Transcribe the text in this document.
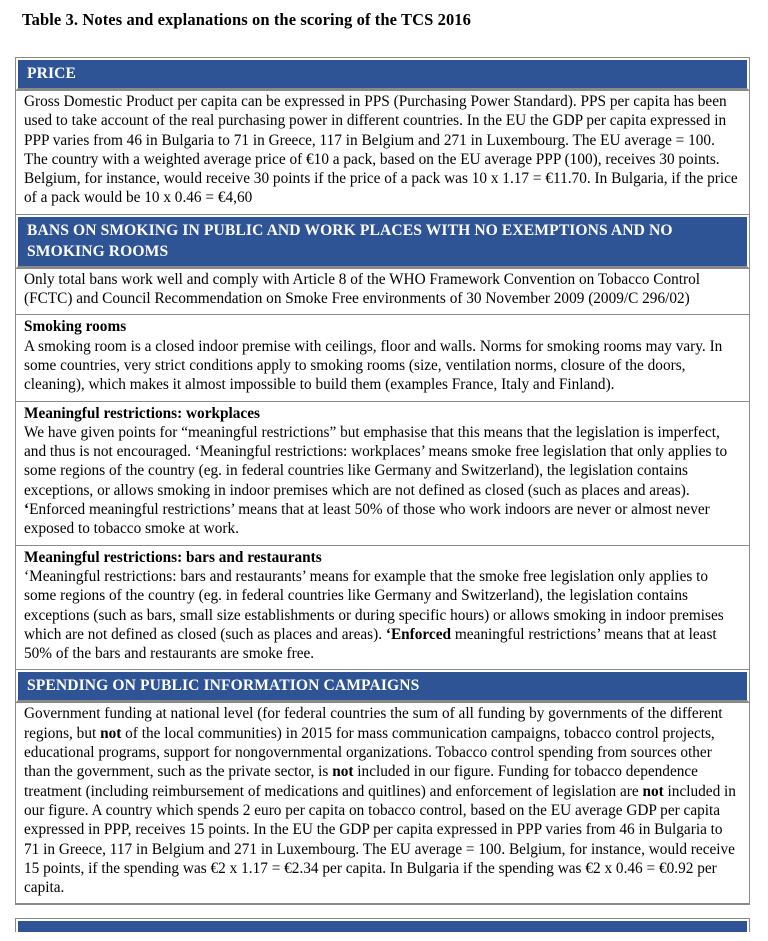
Table 3. Notes and explanations on the scoring of the TCS 2016
PRICE

Gross Domestic Product per capita can be expressed in PPS (Purchasing Power Standard). PPS per capita has been used to take account of the real purchasing power in different countries. In the EU the GDP per capita expressed in PPP varies from 46 in Bulgaria to 71 in Greece, 117 in Belgium and 271 in Luxembourg. The EU average = 100. The country with a weighted average price of €10 a pack, based on the EU average PPP (100), receives 30 points. Belgium, for instance, would receive 30 points if the price of a pack was 10 x 1.17 = €11.70. In Bulgaria, if the price of a pack would be 10 x 0.46 = €4,60

BANS ON SMOKING IN PUBLIC AND WORK PLACES WITH NO EXEMPTIONS AND NO SMOKING ROOMS

Only total bans work well and comply with Article 8 of the WHO Framework Convention on Tobacco Control (FCTC) and Council Recommendation on Smoke Free environments of 30 November 2009 (2009/C 296/02)

Smoking rooms

A smoking room is a closed indoor premise with ceilings, floor and walls. Norms for smoking rooms may vary. In some countries, very strict conditions apply to smoking rooms (size, ventilation norms, closure of the doors, cleaning), which makes it almost impossible to build them (examples France, Italy and Finland).

Meaningful restrictions: workplaces

We have given points for “meaningful restrictions” but emphasise that this means that the legislation is imperfect, and thus is not encouraged. ‘Meaningful restrictions: workplaces’ means smoke free legislation that only applies to some regions of the country (eg. in federal countries like Germany and Switzerland), the legislation contains exceptions, or allows smoking in indoor premises which are not defined as closed (such as places and areas). ‘Enforced meaningful restrictions’ means that at least 50% of those who work indoors are never or almost never exposed to tobacco smoke at work.

Meaningful restrictions: bars and restaurants

‘Meaningful restrictions: bars and restaurants’ means for example that the smoke free legislation only applies to some regions of the country (eg. in federal countries like Germany and Switzerland), the legislation contains exceptions (such as bars, small size establishments or during specific hours) or allows smoking in indoor premises which are not defined as closed (such as places and areas). ‘Enforced meaningful restrictions’ means that at least 50% of the bars and restaurants are smoke free.

SPENDING ON PUBLIC INFORMATION CAMPAIGNS

Government funding at national level (for federal countries the sum of all funding by governments of the different regions, but not of the local communities) in 2015 for mass communication campaigns, tobacco control projects, educational programs, support for nongovernmental organizations. Tobacco control spending from sources other than the government, such as the private sector, is not included in our figure. Funding for tobacco dependence treatment (including reimbursement of medications and quitlines) and enforcement of legislation are not included in our figure. A country which spends 2 euro per capita on tobacco control, based on the EU average GDP per capita expressed in PPP, receives 15 points. In the EU the GDP per capita expressed in PPP varies from 46 in Bulgaria to 71 in Greece, 117 in Belgium and 271 in Luxembourg. The EU average = 100. Belgium, for instance, would receive 15 points, if the spending was €2 x 1.17 = €2.34 per capita. In Bulgaria if the spending was €2 x 0.46 = €0.92 per capita.
